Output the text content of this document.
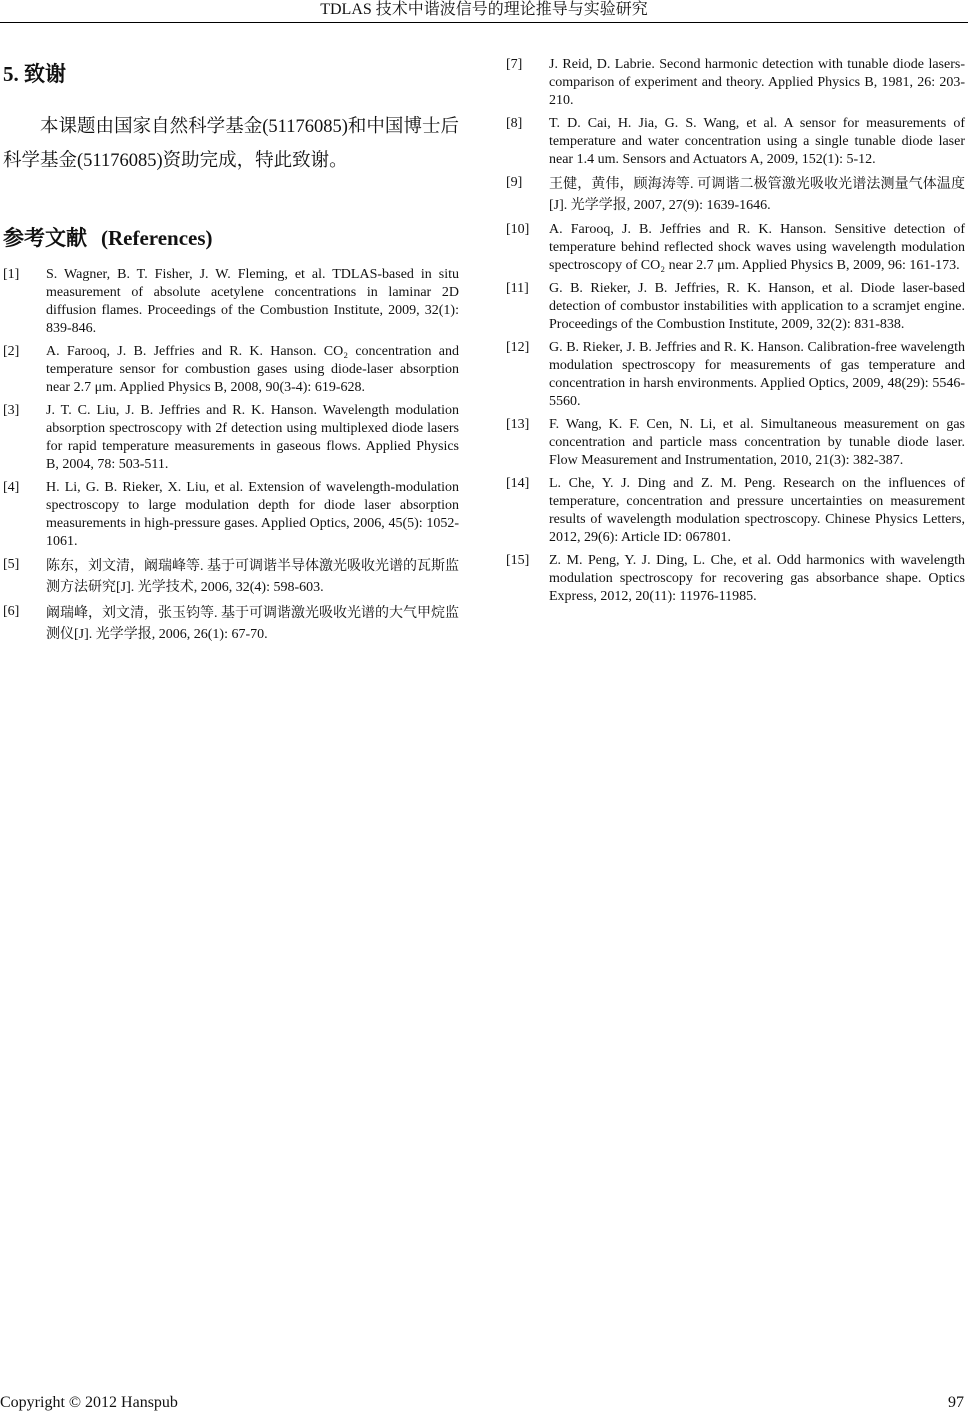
TDLAS 技术中谐波信号的理论推导与实验研究
5. 致谢

本课题由国家自然科学基金(51176085)和中国博士后科学基金(51176085)资助完成，特此致谢。

参考文献 (References)
[1]	S. Wagner, B. T. Fisher, J. W. Fleming, et al. TDLAS-based in situ measurement of absolute acetylene concentrations in laminar 2D diffusion flames. Proceedings of the Combustion Institute, 2009, 32(1): 839-846.
[2]	A. Farooq, J. B. Jeffries and R. K. Hanson. CO₂ concentration and temperature sensor for combustion gases using diode-laser absorption near 2.7 μm. Applied Physics B, 2008, 90(3-4): 619-628.
[3]	J. T. C. Liu, J. B. Jeffries and R. K. Hanson. Wavelength modulation absorption spectroscopy with 2f detection using multiplexed diode lasers for rapid temperature measurements in gaseous flows. Applied Physics B, 2004, 78: 503-511.
[4]	H. Li, G. B. Rieker, X. Liu, et al. Extension of wavelength-modulation spectroscopy to large modulation depth for diode laser absorption measurements in high-pressure gases. Applied Optics, 2006, 45(5): 1052-1061.
[5]	陈东，刘文清，阚瑞峰等. 基于可调谐半导体激光吸收光谱的瓦斯监测方法研究[J]. 光学技术, 2006, 32(4): 598-603.
[6]	阚瑞峰，刘文清，张玉钧等. 基于可调谐激光吸收光谱的大气甲烷监测仪[J]. 光学学报, 2006, 26(1): 67-70.
[7]	J. Reid, D. Labrie. Second harmonic detection with tunable diode lasers-comparison of experiment and theory. Applied Physics B, 1981, 26: 203-210.
[8]	T. D. Cai, H. Jia, G. S. Wang, et al. A sensor for measurements of temperature and water concentration using a single tunable diode laser near 1.4 um. Sensors and Actuators A, 2009, 152(1): 5-12.
[9]	王健，黄伟，顾海涛等. 可调谐二极管激光吸收光谱法测量气体温度[J]. 光学学报, 2007, 27(9): 1639-1646.
[10]	A. Farooq, J. B. Jeffries and R. K. Hanson. Sensitive detection of temperature behind reflected shock waves using wavelength modulation spectroscopy of CO₂ near 2.7 μm. Applied Physics B, 2009, 96: 161-173.
[11]	G. B. Rieker, J. B. Jeffries, R. K. Hanson, et al. Diode laser-based detection of combustor instabilities with application to a scramjet engine. Proceedings of the Combustion Institute, 2009, 32(2): 831-838.
[12]	G. B. Rieker, J. B. Jeffries and R. K. Hanson. Calibration-free wavelength modulation spectroscopy for measurements of gas temperature and concentration in harsh environments. Applied Optics, 2009, 48(29): 5546-5560.
[13]	F. Wang, K. F. Cen, N. Li, et al. Simultaneous measurement on gas concentration and particle mass concentration by tunable diode laser. Flow Measurement and Instrumentation, 2010, 21(3): 382-387.
[14]	L. Che, Y. J. Ding and Z. M. Peng. Research on the influences of temperature, concentration and pressure uncertainties on measurement results of wavelength modulation spectroscopy. Chinese Physics Letters, 2012, 29(6): Article ID: 067801.
[15]	Z. M. Peng, Y. J. Ding, L. Che, et al. Odd harmonics with wavelength modulation spectroscopy for recovering gas absorbance shape. Optics Express, 2012, 20(11): 11976-11985.
Copyright © 2012 Hanspub	97
